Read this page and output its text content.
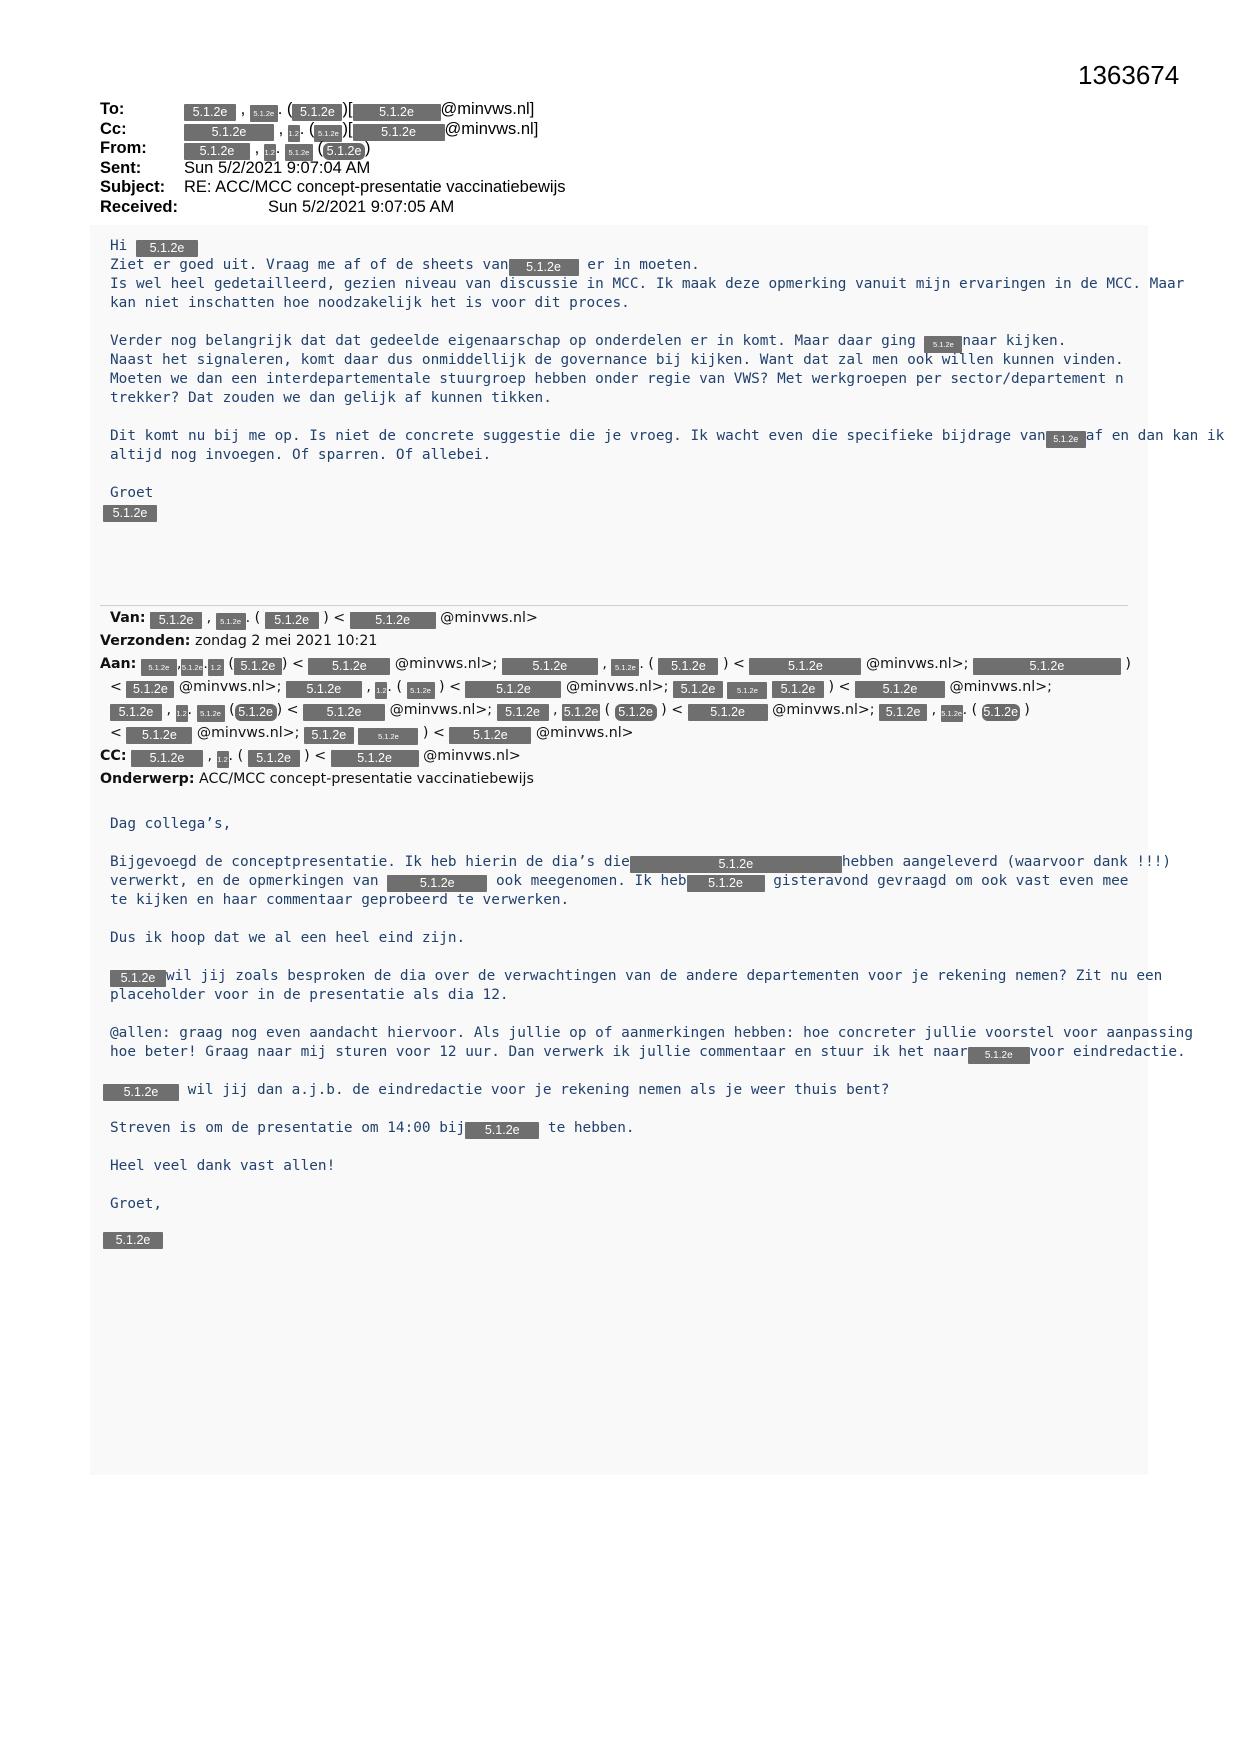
1363674
To:	5.1.2e , 5.1.2e . ( 5.1.2e )[ 5.1.2e @minvws.nl]
Cc:	5.1.2e , 1.2. ( 5.1.2e )[ 5.1.2e @minvws.nl]
From:	5.1.2e , 1.2. 5.1.2e ( 5.1.2e )
Sent:	Sun 5/2/2021 9:07:04 AM
Subject: RE: ACC/MCC concept-presentatie vaccinatiebewijs
Received:	Sun 5/2/2021 9:07:05 AM
Hi 5.1.2e
Ziet er goed uit. Vraag me af of de sheets van 5.1.2e er in moeten.
Is wel heel gedetailleerd, gezien niveau van discussie in MCC. Ik maak deze opmerking vanuit mijn ervaringen in de MCC. Maar
kan niet inschatten hoe noodzakelijk het is voor dit proces.
Verder nog belangrijk dat dat gedeelde eigenaarschap op onderdelen er in komt. Maar daar ging 5.1.2e naar kijken.
Naast het signaleren, komt daar dus onmiddellijk de governance bij kijken. Want dat zal men ook willen kunnen vinden.
Moeten we dan een interdepartementale stuurgroep hebben onder regie van VWS? Met werkgroepen per sector/departement n
trekker? Dat zouden we dan gelijk af kunnen tikken.
Dit komt nu bij me op. Is niet de concrete suggestie die je vroeg. Ik wacht even die specifieke bijdrage van 5.1.2e af en dan kan ik
altijd nog invoegen. Of sparren. Of allebei.
Groet
5.1.2e
Van: 5.1.2e , 5.1.2e . ( 5.1.2e ) < 5.1.2e @minvws.nl>
Verzonden: zondag 2 mei 2021 10:21
Aan: 5.1.2e ,5.1.2e. 1.2 ( 5.1.2e ) < 5.1.2e @minvws.nl>;	5.1.2e , 5.1.2e . ( 5.1.2e ) <	5.1.2e	@minvws.nl>;	5.1.2e	)
< 5.1.2e @minvws.nl>; 5.1.2e , 1.2. ( 5.1.2e ) <	5.1.2e @minvws.nl>; 5.1.2e	5.1.2e 5.1.2e ) <	5.1.2e @minvws.nl>;
5.1.2e , 1.2. 5.1.2e ( 5.1.2e ) < 5.1.2e @minvws.nl>; 5.1.2e , 5.1.2e ( 5.1.2e ) < 5.1.2e @minvws.nl>; 5.1.2e , 5.1.2e. ( 5.1.2e )
< 5.1.2e @minvws.nl>; 5.1.2e	5.1.2e ) < 5.1.2e @minvws.nl>
CC: 5.1.2e , 1.2. ( 5.1.2e ) < 5.1.2e @minvws.nl>
Onderwerp: ACC/MCC concept-presentatie vaccinatiebewijs
Dag collega’s,
Bijgevoegd de conceptpresentatie. Ik heb hierin de dia’s die	5.1.2e	hebben aangeleverd (waarvoor dank !!!)
verwerkt, en de opmerkingen van	5.1.2e	ook meegenomen. Ik heb 5.1.2e gisteravond gevraagd om ook vast even mee
te kijken en haar commentaar geprobeerd te verwerken.
Dus ik hoop dat we al een heel eind zijn.
5.1.2e wil jij zoals besproken de dia over de verwachtingen van de andere departementen voor je rekening nemen? Zit nu een
placeholder voor in de presentatie als dia 12.
@allen: graag nog even aandacht hiervoor. Als jullie op of aanmerkingen hebben: hoe concreter jullie voorstel voor aanpassing
hoe beter! Graag naar mij sturen voor 12 uur. Dan verwerk ik jullie commentaar en stuur ik het naar 5.1.2e voor eindredactie.
5.1.2e wil jij dan a.j.b. de eindredactie voor je rekening nemen als je weer thuis bent?
Streven is om de presentatie om 14:00 bij 5.1.2e te hebben.
Heel veel dank vast allen!
Groet,
5.1.2e
